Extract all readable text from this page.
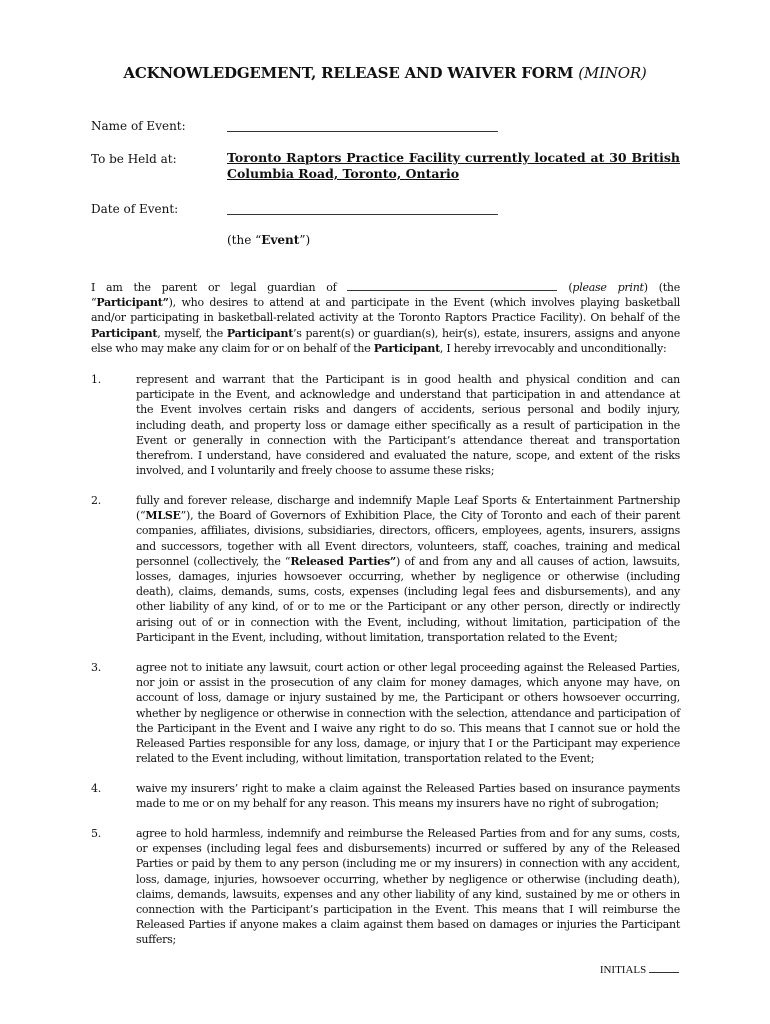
ACKNOWLEDGEMENT, RELEASE AND WAIVER FORM (MINOR)
Name of Event:
To be Held at:	Toronto Raptors Practice Facility currently located at 30 British Columbia Road, Toronto, Ontario
Date of Event:
(the “Event”)
I am the parent or legal guardian of	(please print) (the “Participant”), who desires to attend at and participate in the Event (which involves playing basketball and/or participating in basketball-related activity at the Toronto Raptors Practice Facility). On behalf of the Participant, myself, the Participant’s parent(s) or guardian(s), heir(s), estate, insurers, assigns and anyone else who may make any claim for or on behalf of the Participant, I hereby irrevocably and unconditionally:
1.	represent and warrant that the Participant is in good health and physical condition and can participate in the Event, and acknowledge and understand that participation in and attendance at the Event involves certain risks and dangers of accidents, serious personal and bodily injury, including death, and property loss or damage either specifically as a result of participation in the Event or generally in connection with the Participant’s attendance thereat and transportation therefrom. I understand, have considered and evaluated the nature, scope, and extent of the risks involved, and I voluntarily and freely choose to assume these risks;
2.	fully and forever release, discharge and indemnify Maple Leaf Sports & Entertainment Partnership (“MLSE”), the Board of Governors of Exhibition Place, the City of Toronto and each of their parent companies, affiliates, divisions, subsidiaries, directors, officers, employees, agents, insurers, assigns and successors, together with all Event directors, volunteers, staff, coaches, training and medical personnel (collectively, the “Released Parties”) of and from any and all causes of action, lawsuits, losses, damages, injuries howsoever occurring, whether by negligence or otherwise (including death), claims, demands, sums, costs, expenses (including legal fees and disbursements), and any other liability of any kind, of or to me or the Participant or any other person, directly or indirectly arising out of or in connection with the Event, including, without limitation, participation of the Participant in the Event, including, without limitation, transportation related to the Event;
3.	agree not to initiate any lawsuit, court action or other legal proceeding against the Released Parties, nor join or assist in the prosecution of any claim for money damages, which anyone may have, on account of loss, damage or injury sustained by me, the Participant or others howsoever occurring, whether by negligence or otherwise in connection with the selection, attendance and participation of the Participant in the Event and I waive any right to do so. This means that I cannot sue or hold the Released Parties responsible for any loss, damage, or injury that I or the Participant may experience related to the Event including, without limitation, transportation related to the Event;
4.	waive my insurers’ right to make a claim against the Released Parties based on insurance payments made to me or on my behalf for any reason. This means my insurers have no right of subrogation;
5.	agree to hold harmless, indemnify and reimburse the Released Parties from and for any sums, costs, or expenses (including legal fees and disbursements) incurred or suffered by any of the Released Parties or paid by them to any person (including me or my insurers) in connection with any accident, loss, damage, injuries, howsoever occurring, whether by negligence or otherwise (including death), claims, demands, lawsuits, expenses and any other liability of any kind, sustained by me or others in connection with the Participant’s participation in the Event. This means that I will reimburse the Released Parties if anyone makes a claim against them based on damages or injuries the Participant suffers;
INITIALS
